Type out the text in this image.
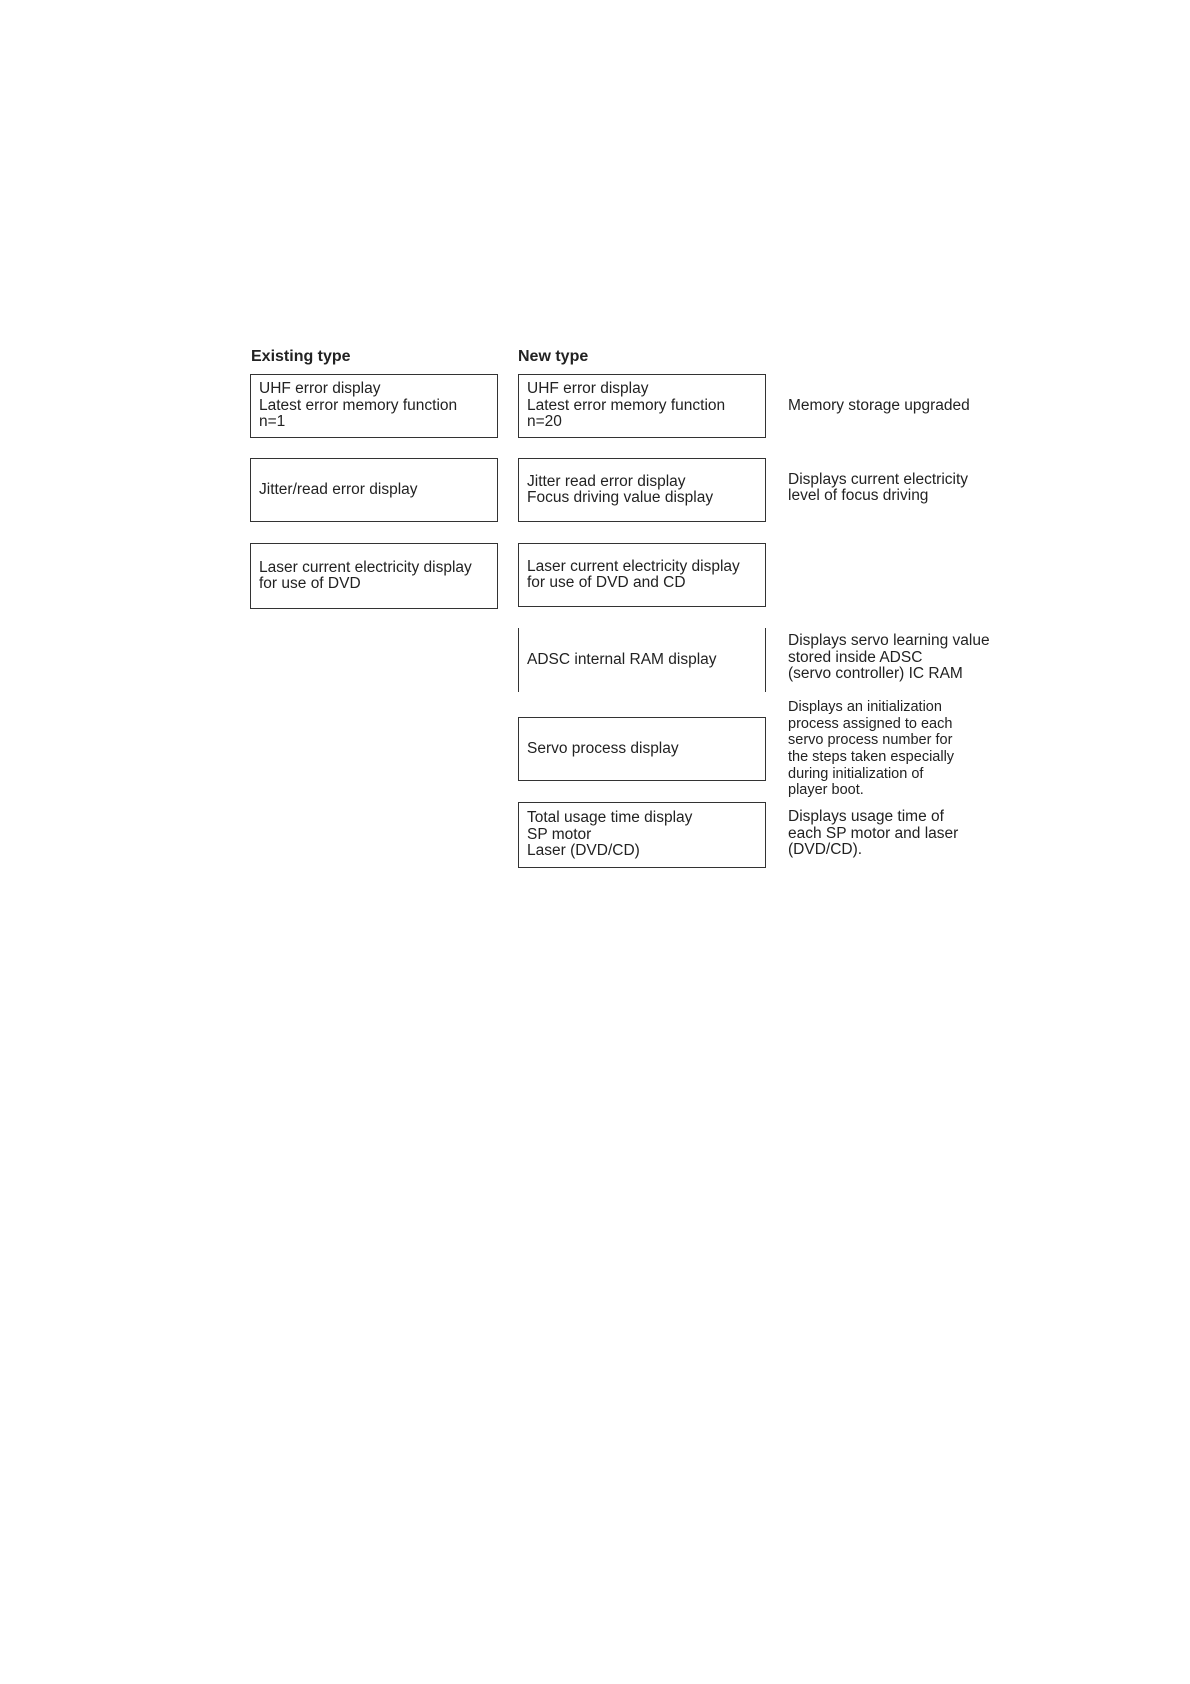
Existing type	New type
UHF error display
Latest error memory function
n=1
Jitter/read error display
Laser current electricity display
for use of DVD
UHF error display
Latest error memory function
n=20
Jitter read error display
Focus driving value display
Laser current electricity display
for use of DVD and CD
ADSC internal RAM display
Servo process display
Total usage time display
SP motor
Laser (DVD/CD)
Memory storage upgraded
Displays current electricity
level of focus driving
Displays servo learning value
stored inside ADSC
(servo controller) IC RAM
Displays an initialization
process assigned to each
servo process number for
the steps taken especially
during initialization of
player boot.
Displays usage time of
each SP motor and laser
(DVD/CD).
